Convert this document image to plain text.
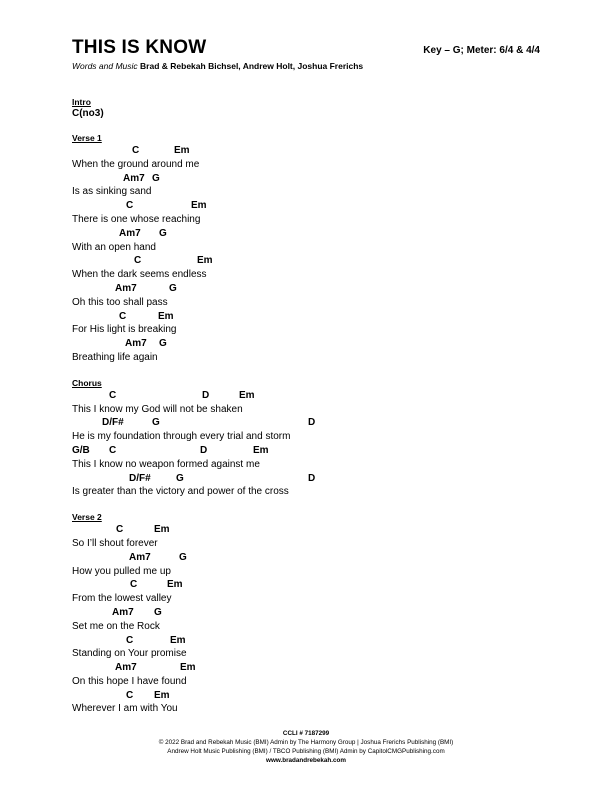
THIS IS KNOW	Key – G; Meter: 6/4 & 4/4
Words and Music Brad & Rebekah Bichsel, Andrew Holt, Joshua Frerichs
Intro
C(no3)
Verse 1
C	Em
When the ground around me
Am7 G
Is as sinking sand
C	Em
There is one whose reaching
Am7 G
With an open hand
C	Em
When the dark seems endless
Am7	G
Oh this too shall pass
C	Em
For His light is breaking
Am7 G
Breathing life again
Chorus
C	D	Em
This I know my God will not be shaken
D/F#	G	D
He is my foundation through every trial and storm
G/B C	D	Em
This I know no weapon formed against me
D/F#	G	D
Is greater than the victory and power of the cross
Verse 2
C	Em
So I’ll shout forever
Am7	G
How you pulled me up
C	Em
From the lowest valley
Am7 G
Set me on the Rock
C	Em
Standing on Your promise
Am7	Em
On this hope I have found
C Em
Wherever I am with You
CCLI # 7187299
© 2022 Brad and Rebekah Music (BMI) Admin by The Harmony Group | Joshua Frerichs Publishing (BMI)
Andrew Holt Music Publishing (BMI) / TBCO Publishing (BMI) Admin by CapitolCMGPublishing.com
www.bradandrebekah.com
